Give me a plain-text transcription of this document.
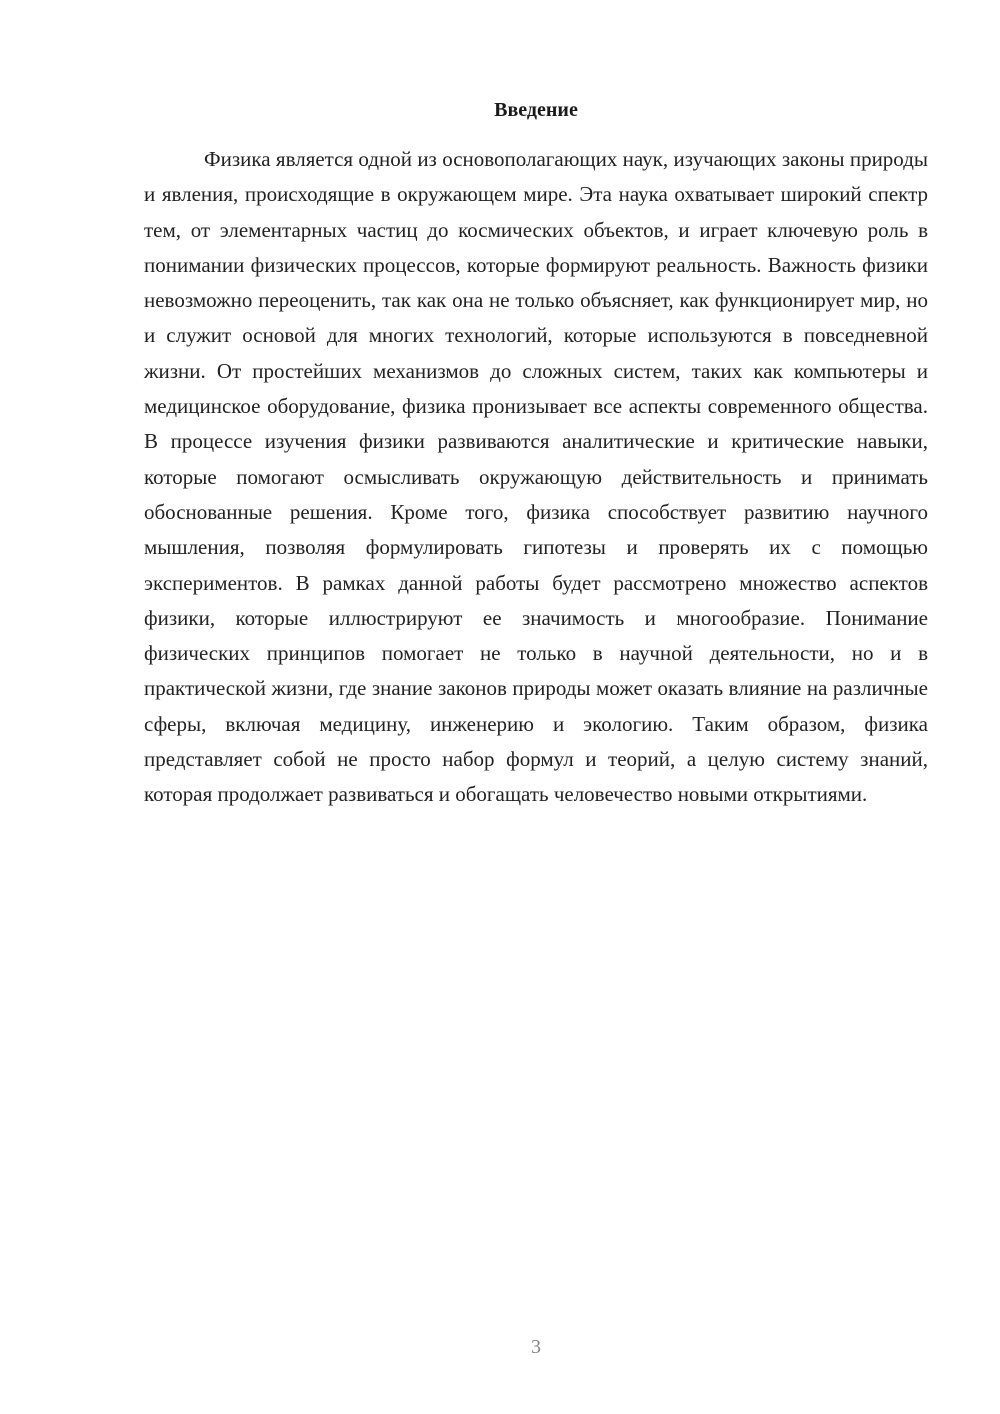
Введение

Физика является одной из основополагающих наук, изучающих законы природы и явления, происходящие в окружающем мире. Эта наука охватывает широкий спектр тем, от элементарных частиц до космических объектов, и играет ключевую роль в понимании физических процессов, которые формируют реальность. Важность физики невозможно переоценить, так как она не только объясняет, как функционирует мир, но и служит основой для многих технологий, которые используются в повседневной жизни. От простейших механизмов до сложных систем, таких как компьютеры и медицинское оборудование, физика пронизывает все аспекты современного общества. В процессе изучения физики развиваются аналитические и критические навыки, которые помогают осмысливать окружающую действительность и принимать обоснованные решения. Кроме того, физика способствует развитию научного мышления, позволяя формулировать гипотезы и проверять их с помощью экспериментов. В рамках данной работы будет рассмотрено множество аспектов физики, которые иллюстрируют ее значимость и многообразие. Понимание физических принципов помогает не только в научной деятельности, но и в практической жизни, где знание законов природы может оказать влияние на различные сферы, включая медицину, инженерию и экологию. Таким образом, физика представляет собой не просто набор формул и теорий, а целую систему знаний, которая продолжает развиваться и обогащать человечество новыми открытиями.

3
